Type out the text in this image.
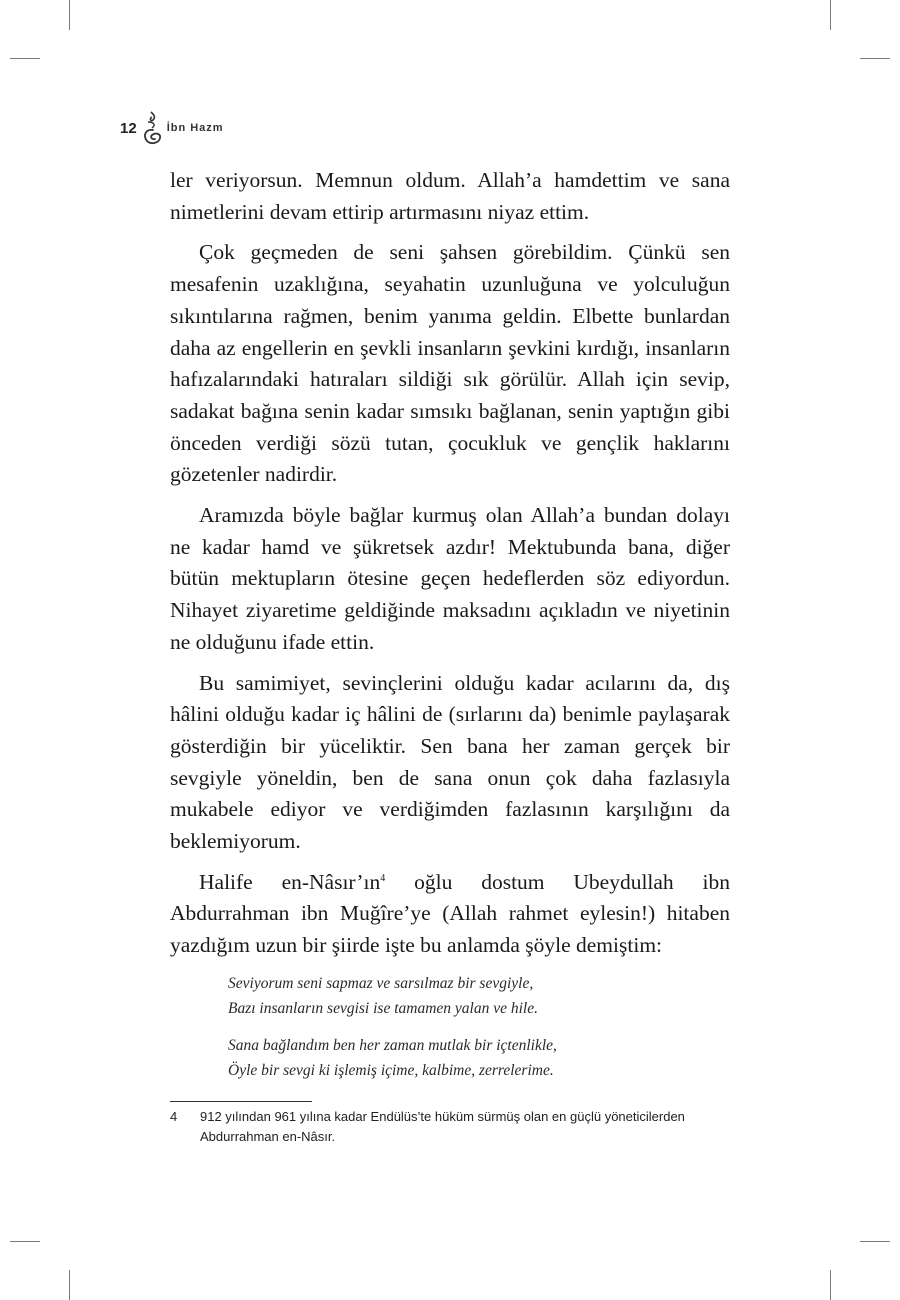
12	İbn Hazm

ler veriyorsun. Memnun oldum. Allah’a hamdettim ve sana nimetlerini devam ettirip artırmasını niyaz ettim.

Çok geçmeden de seni şahsen görebildim. Çünkü sen mesafenin uzaklığına, seyahatin uzunluğuna ve yolculuğun sıkıntılarına rağmen, benim yanıma geldin. Elbette bunlardan daha az engellerin en şevkli insanların şevkini kırdığı, insanların hafızalarındaki hatıraları sildiği sık görülür. Allah için sevip, sadakat bağına senin kadar sımsıkı bağlanan, senin yaptığın gibi önceden verdiği sözü tutan, çocukluk ve gençlik haklarını gözetenler nadirdir.

Aramızda böyle bağlar kurmuş olan Allah’a bundan dolayı ne kadar hamd ve şükretsek azdır! Mektubunda bana, diğer bütün mektupların ötesine geçen hedeflerden söz ediyordun. Nihayet ziyaretime geldiğinde maksadını açıkladın ve niyetinin ne olduğunu ifade ettin.

Bu samimiyet, sevinçlerini olduğu kadar acılarını da, dış hâlini olduğu kadar iç hâlini de (sırlarını da) benimle paylaşarak gösterdiğin bir yüceliktir. Sen bana her zaman gerçek bir sevgiyle yöneldin, ben de sana onun çok daha fazlasıyla mukabele ediyor ve verdiğimden fazlasının karşılığını da beklemiyorum.

Halife en-Nâsır’ın$^4$ oğlu dostum Ubeydullah ibn Abdurrahman ibn Muğîre’ye (Allah rahmet eylesin!) hitaben yazdığım uzun bir şiirde işte bu anlamda şöyle demiştim:

Seviyorum seni sapmaz ve sarsılmaz bir sevgiyle,
Bazı insanların sevgisi ise tamamen yalan ve hile.
Sana bağlandım ben her zaman mutlak bir içtenlikle,
Öyle bir sevgi ki işlemiş içime, kalbime, zerrelerime.
4	912 yılından 961 yılına kadar Endülüs’te hüküm sürmüş olan en güçlü yöneticilerden Abdurrahman en-Nâsır.
